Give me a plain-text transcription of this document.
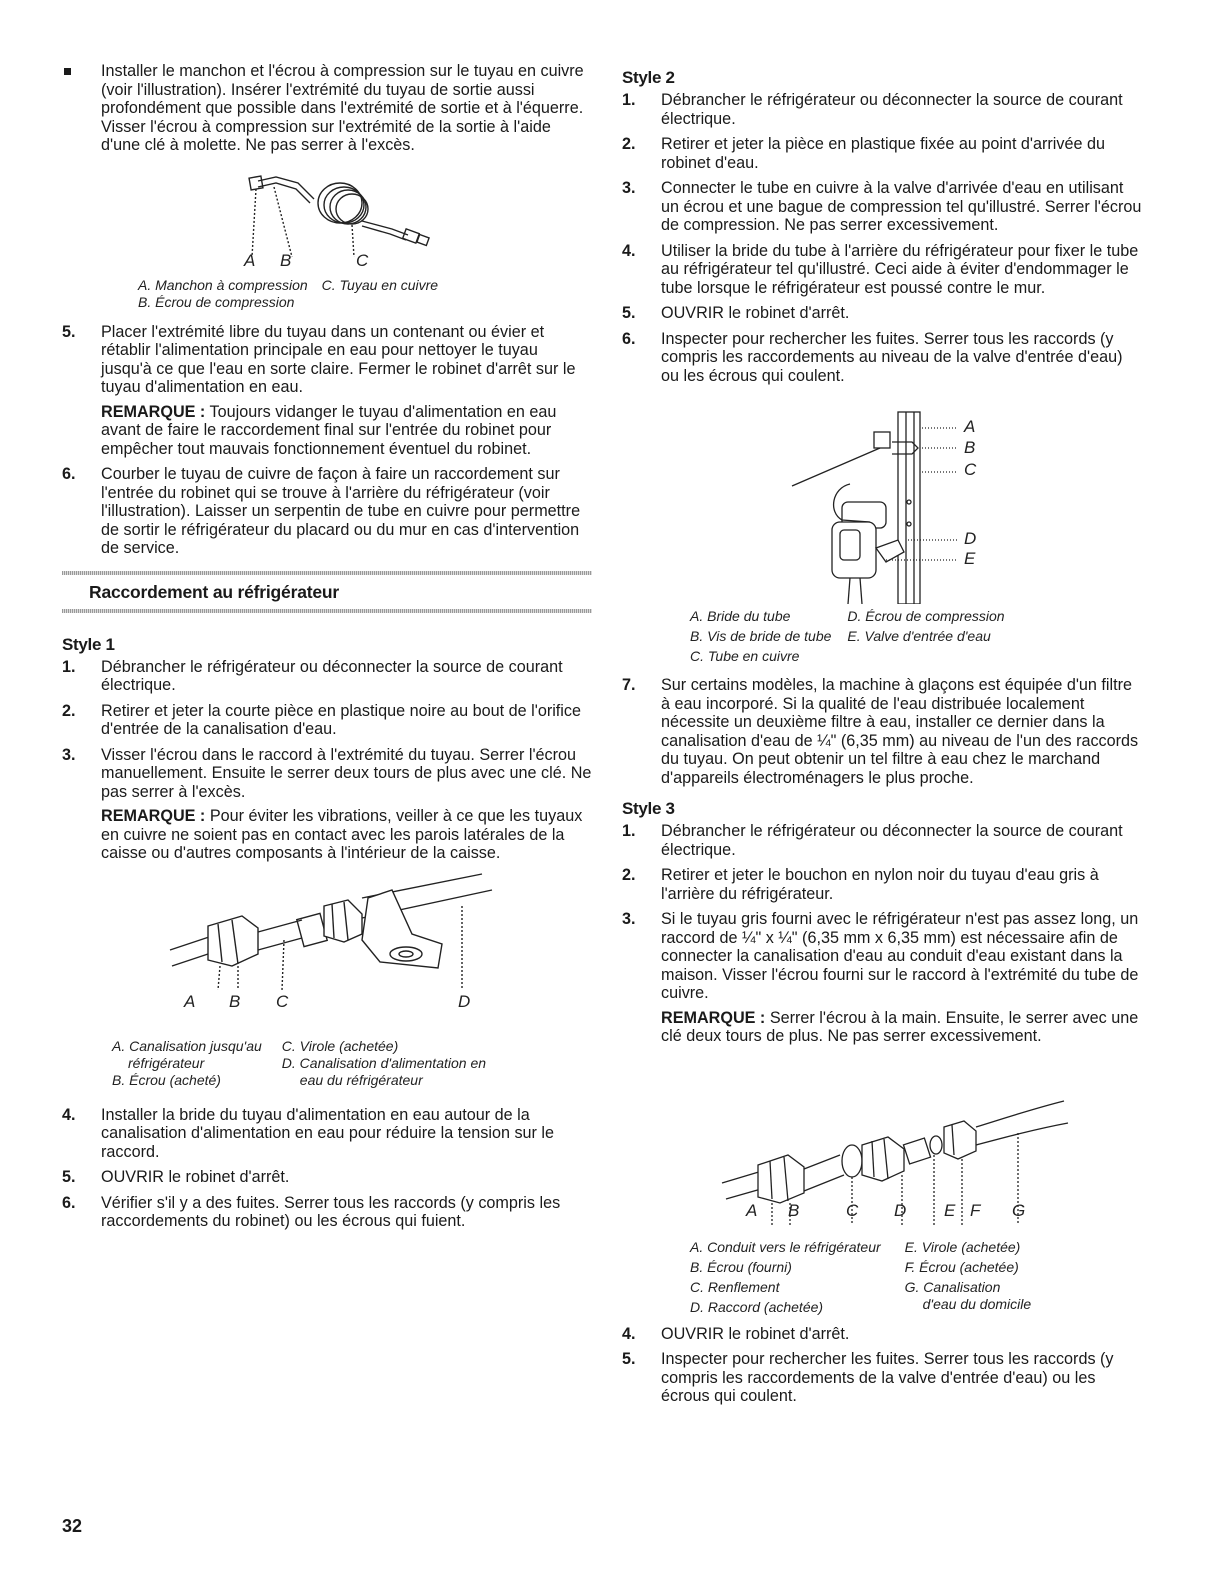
Installer le manchon et l'écrou à compression sur le tuyau en cuivre (voir l'illustration). Insérer l'extrémité du tuyau de sortie aussi profondément que possible dans l'extrémité de sortie et à l'équerre. Visser l'écrou à compression sur l'extrémité de la sortie à l'aide d'une clé à molette. Ne pas serrer à l'excès.
A B	C
A. Manchon à compression
B. Écrou de compression

C. Tuyau en cuivre
5. Placer l'extrémité libre du tuyau dans un contenant ou évier et rétablir l'alimentation principale en eau pour nettoyer le tuyau jusqu'à ce que l'eau en sorte claire. Fermer le robinet d'arrêt sur le tuyau d'alimentation en eau.

REMARQUE : Toujours vidanger le tuyau d'alimentation en eau avant de faire le raccordement final sur l'entrée du robinet pour empêcher tout mauvais fonctionnement éventuel du robinet.

6. Courber le tuyau de cuivre de façon à faire un raccordement sur l'entrée du robinet qui se trouve à l'arrière du réfrigérateur (voir l'illustration). Laisser un serpentin de tube en cuivre pour permettre de sortir le réfrigérateur du placard ou du mur en cas d'intervention de service.

Raccordement au réfrigérateur
Style 1
1. Débrancher le réfrigérateur ou déconnecter la source de courant électrique.

2. Retirer et jeter la courte pièce en plastique noire au bout de l'orifice d'entrée de la canalisation d'eau.

3. Visser l'écrou dans le raccord à l'extrémité du tuyau. Serrer l'écrou manuellement. Ensuite le serrer deux tours de plus avec une clé. Ne pas serrer à l'excès.

REMARQUE : Pour éviter les vibrations, veiller à ce que les tuyaux en cuivre ne soient pas en contact avec les parois latérales de la caisse ou d'autres composants à l'intérieur de la caisse.

A B C	D
A. Canalisation jusqu'au
réfrigérateur
B. Écrou (acheté)

C. Virole (achetée)
D. Canalisation d'alimentation en
eau du réfrigérateur
4. Installer la bride du tuyau d'alimentation en eau autour de la canalisation d'alimentation en eau pour réduire la tension sur le raccord.

5. OUVRIR le robinet d'arrêt.

6. Vérifier s'il y a des fuites. Serrer tous les raccords (y compris les raccordements du robinet) ou les écrous qui fuient.

Style 2
1. Débrancher le réfrigérateur ou déconnecter la source de courant électrique.

2. Retirer et jeter la pièce en plastique fixée au point d'arrivée du robinet d'eau.

3. Connecter le tube en cuivre à la valve d'arrivée d'eau en utilisant un écrou et une bague de compression tel qu'illustré. Serrer l'écrou de compression. Ne pas serrer excessivement.

4. Utiliser la bride du tube à l'arrière du réfrigérateur pour fixer le tube au réfrigérateur tel qu'illustré. Ceci aide à éviter d'endommager le tube lorsque le réfrigérateur est poussé contre le mur.

5. OUVRIR le robinet d'arrêt.

6. Inspecter pour rechercher les fuites. Serrer tous les raccords (y compris les raccordements au niveau de la valve d'entrée d'eau) ou les écrous qui coulent.

A
B
C
D
E
A. Bride du tube
B. Vis de bride de tube
C. Tube en cuivre

D. Écrou de compression
E. Valve d'entrée d'eau
7. Sur certains modèles, la machine à glaçons est équipée d'un filtre à eau incorporé. Si la qualité de l'eau distribuée localement nécessite un deuxième filtre à eau, installer ce dernier dans la canalisation d'eau de ¼" (6,35 mm) au niveau de l'un des raccords du tuyau. On peut obtenir un tel filtre à eau chez le marchand d'appareils électroménagers le plus proche.

Style 3
1. Débrancher le réfrigérateur ou déconnecter la source de courant électrique.

2. Retirer et jeter le bouchon en nylon noir du tuyau d'eau gris à l'arrière du réfrigérateur.

3. Si le tuyau gris fourni avec le réfrigérateur n'est pas assez long, un raccord de ¼" x ¼" (6,35 mm x 6,35 mm) est nécessaire afin de connecter la canalisation d'eau au conduit d'eau existant dans la maison. Visser l'écrou fourni sur le raccord à l'extrémité du tube de cuivre.

REMARQUE : Serrer l'écrou à la main. Ensuite, le serrer avec une clé deux tours de plus. Ne pas serrer excessivement.

A B	C D E F G
A. Conduit vers le réfrigérateur
B. Écrou (fourni)
C. Renflement
D. Raccord (achetée)

E. Virole (achetée)
F. Écrou (achetée)
G. Canalisation
d'eau du domicile
4. OUVRIR le robinet d'arrêt.

5. Inspecter pour rechercher les fuites. Serrer tous les raccords (y compris les raccordements de la valve d'entrée d'eau) ou les écrous qui coulent.

32
